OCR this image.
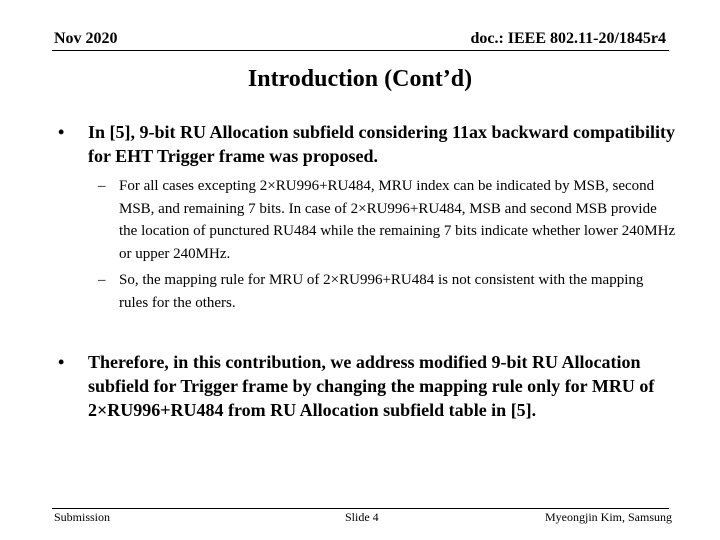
Nov 2020	doc.: IEEE 802.11-20/1845r4
Introduction (Cont’d)
• In [5], 9-bit RU Allocation subfield considering 11ax backward compatibility for EHT Trigger frame was proposed.
– For all cases excepting 2×RU996+RU484, MRU index can be indicated by MSB, second MSB, and remaining 7 bits. In case of 2×RU996+RU484, MSB and second MSB provide the location of punctured RU484 while the remaining 7 bits indicate whether lower 240MHz or upper 240MHz.
– So, the mapping rule for MRU of 2×RU996+RU484 is not consistent with the mapping rules for the others.
• Therefore, in this contribution, we address modified 9-bit RU Allocation subfield for Trigger frame by changing the mapping rule only for MRU of 2×RU996+RU484 from RU Allocation subfield table in [5].
Submission	Slide 4	Myeongjin Kim, Samsung
